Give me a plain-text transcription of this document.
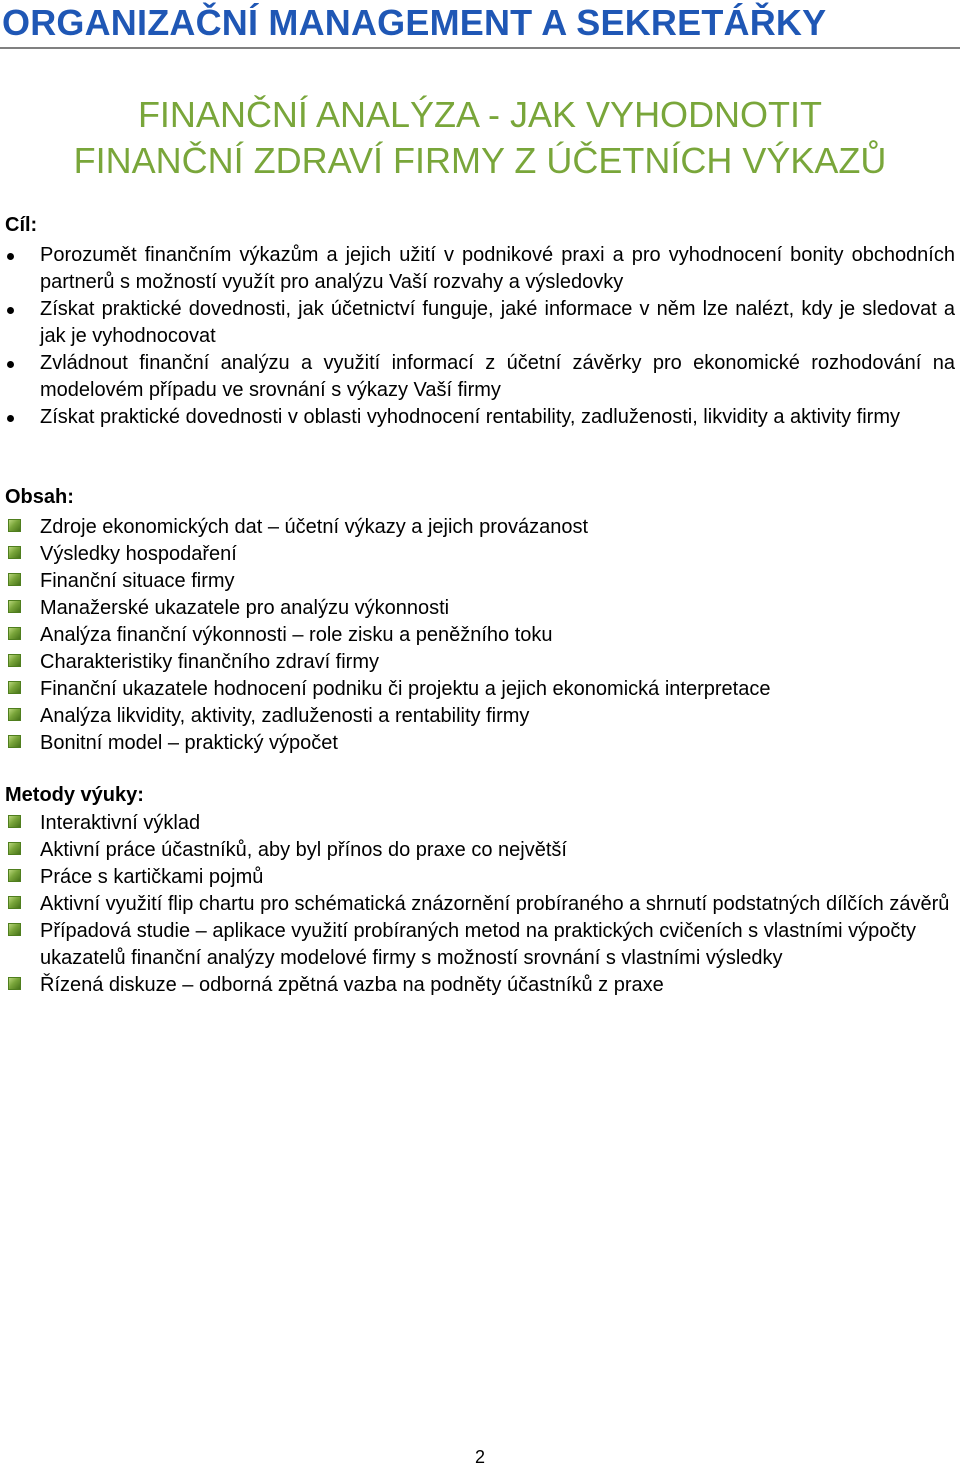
ORGANIZAČNÍ MANAGEMENT A SEKRETÁŘKY
FINANČNÍ ANALÝZA - JAK VYHODNOTIT
FINANČNÍ ZDRAVÍ FIRMY Z ÚČETNÍCH VÝKAZŮ
Cíl:
Porozumět finančním výkazům a jejich užití v podnikové praxi a pro vyhodnocení bonity obchodních partnerů s možností využít pro analýzu Vaší rozvahy a výsledovky
Získat praktické dovednosti, jak účetnictví funguje, jaké informace v něm lze nalézt, kdy je sledovat a jak je vyhodnocovat
Zvládnout finanční analýzu a využití informací z účetní závěrky pro ekonomické rozhodování na modelovém případu ve srovnání s výkazy Vaší firmy
Získat praktické dovednosti v oblasti vyhodnocení rentability, zadluženosti, likvidity a aktivity firmy
Obsah:
Zdroje ekonomických dat – účetní výkazy a jejich provázanost
Výsledky hospodaření
Finanční situace firmy
Manažerské ukazatele pro analýzu výkonnosti
Analýza finanční výkonnosti – role zisku a peněžního toku
Charakteristiky finančního zdraví firmy
Finanční ukazatele hodnocení podniku či projektu a jejich ekonomická interpretace
Analýza likvidity, aktivity, zadluženosti a rentability firmy
Bonitní model – praktický výpočet
Metody výuky:
Interaktivní výklad
Aktivní práce účastníků, aby byl přínos do praxe co největší
Práce s kartičkami pojmů
Aktivní využití flip chartu pro schématická znázornění probíraného a shrnutí podstatných dílčích závěrů
Případová studie – aplikace využití probíraných metod na praktických cvičeních s vlastními výpočty ukazatelů finanční analýzy modelové firmy s možností srovnání s vlastními výsledky
Řízená diskuze – odborná zpětná vazba na podněty účastníků z praxe

2
